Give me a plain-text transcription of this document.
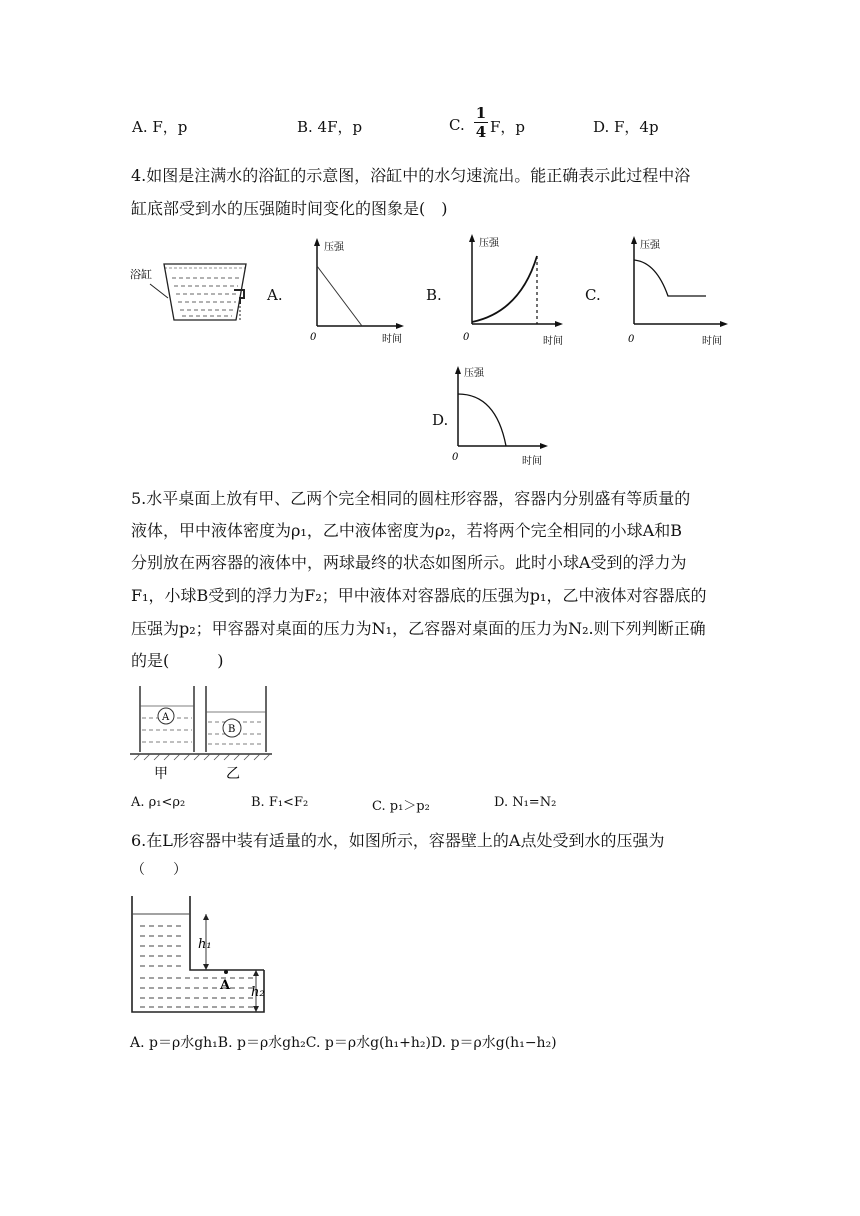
A. F，p	B. 4F，p	C.
1
4 F，p	D. F，4p
4.如图是注满水的浴缸的示意图，浴缸中的水匀速流出。能正确表示此过程中浴
缸底部受到水的压强随时间变化的图象是(　)
浴缸
A.	B.	C.
D.
压强
0	时间
压强
0	时间
压强
0	时间
压强
0	时间
5.水平桌面上放有甲、乙两个完全相同的圆柱形容器，容器内分别盛有等质量的
液体，甲中液体密度为ρ₁，乙中液体密度为ρ₂，若将两个完全相同的小球A和B
分别放在两容器的液体中，两球最终的状态如图所示。此时小球A受到的浮力为
F₁，小球B受到的浮力为F₂；甲中液体对容器底的压强为p₁，乙中液体对容器底的
压强为p₂；甲容器对桌面的压力为N₁，乙容器对桌面的压力为N₂.则下列判断正确
的是(　　　)
A
B
甲	乙
A. ρ₁<ρ₂	B. F₁<F₂	C. p₁＞p₂	D. N₁=N₂
6.在L形容器中装有适量的水，如图所示，容器壁上的A点处受到水的压强为
（　　）
A
h₁
h₂
A. p＝ρ水gh₁B. p＝ρ水gh₂C. p＝ρ水g(h₁+h₂)D. p＝ρ水g(h₁−h₂)
